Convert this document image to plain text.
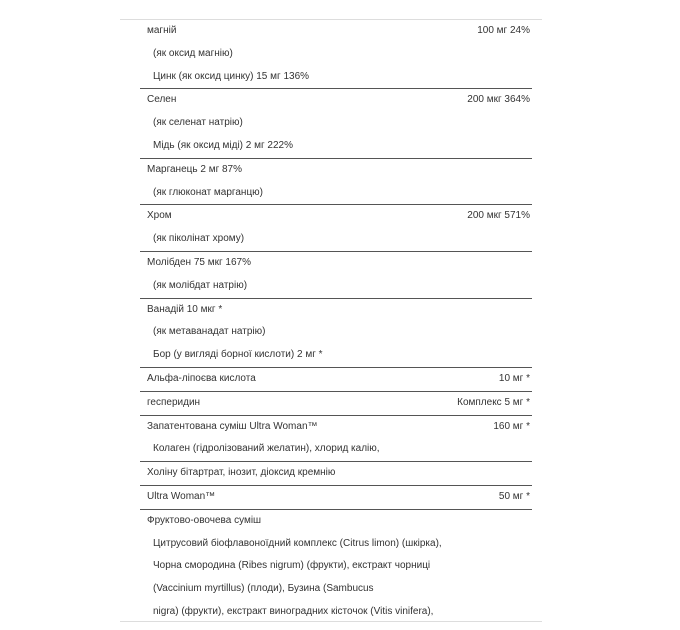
магній	100 мг 24%
(як оксид магнію)
Цинк (як оксид цинку) 15 мг 136%
Селен	200 мкг 364%
(як селенат натрію)
Мідь (як оксид міді) 2 мг 222%
Марганець 2 мг 87%
(як глюконат марганцю)
Хром	200 мкг 571%
(як піколінат хрому)
Молібден 75 мкг 167%
(як молібдат натрію)
Ванадій 10 мкг *
(як метаванадат натрію)
Бор (у вигляді борної кислоти) 2 мг *
Альфа-ліпоєва кислота	10 мг *
гесперидин	Комплекс 5 мг *
Запатентована суміш Ultra Woman™	160 мг *
Колаген (гідролізований желатин), хлорид калію,
Холіну бітартрат, інозит, діоксид кремнію
Ultra Woman™	50 мг *
Фруктово-овочева суміш
Цитрусовий біофлавоноїдний комплекс (Citrus limon) (шкірка),
Чорна смородина (Ribes nigrum) (фрукти), екстракт чорниці
(Vaccinium myrtillus) (плоди), Бузина (Sambucus
nigra) (фрукти), екстракт виноградних кісточок (Vitis vinifera),
